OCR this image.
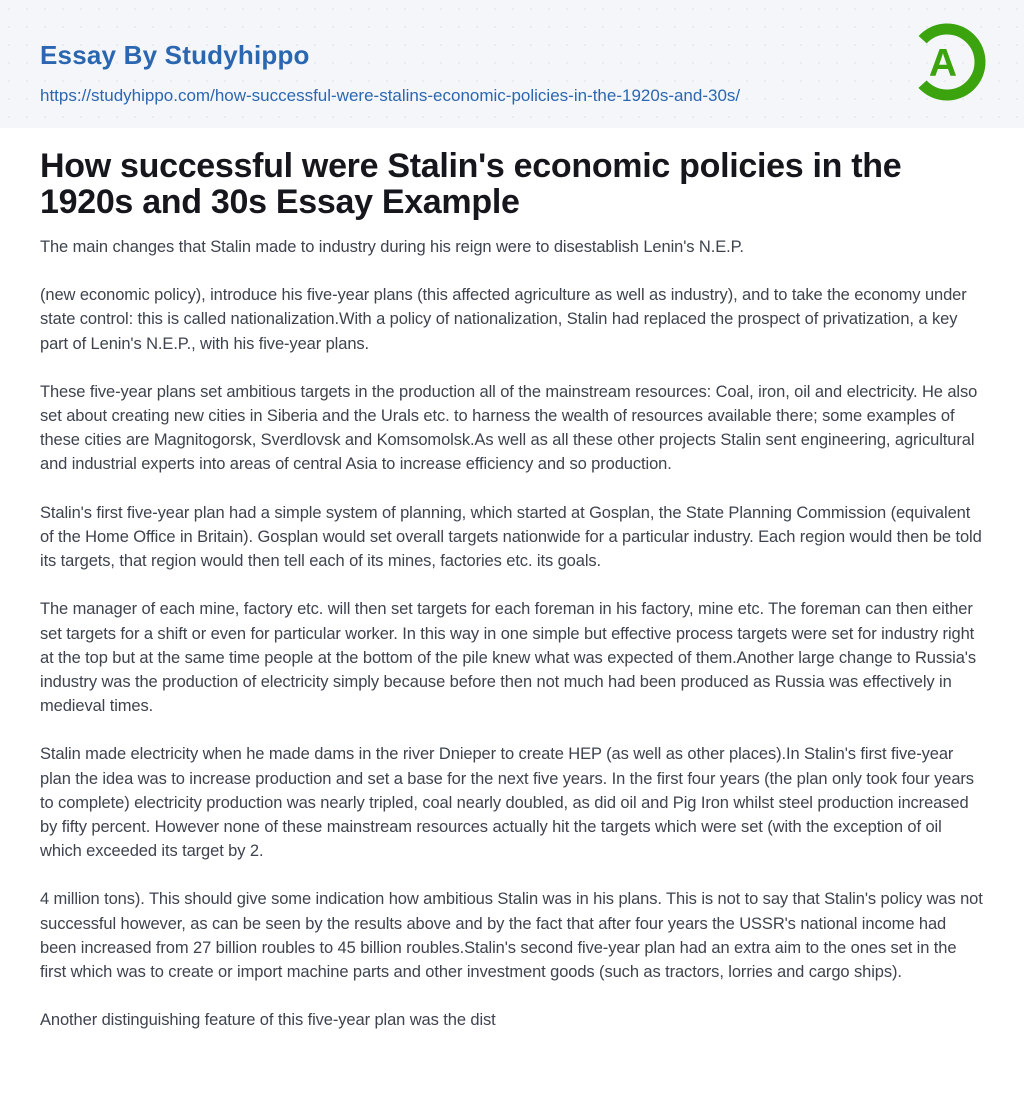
Essay By Studyhippo
https://studyhippo.com/how-successful-were-stalins-economic-policies-in-the-1920s-and-30s/
A
How successful were Stalin's economic policies in the 1920s and 30s Essay Example

The main changes that Stalin made to industry during his reign were to disestablish Lenin's N.E.P.

(new economic policy), introduce his five-year plans (this affected agriculture as well as industry), and to take the economy under state control: this is called nationalization.With a policy of nationalization, Stalin had replaced the prospect of privatization, a key part of Lenin's N.E.P., with his five-year plans.

These five-year plans set ambitious targets in the production all of the mainstream resources: Coal, iron, oil and electricity. He also set about creating new cities in Siberia and the Urals etc. to harness the wealth of resources available there; some examples of these cities are Magnitogorsk, Sverdlovsk and Komsomolsk.As well as all these other projects Stalin sent engineering, agricultural and industrial experts into areas of central Asia to increase efficiency and so production.

Stalin's first five-year plan had a simple system of planning, which started at Gosplan, the State Planning Commission (equivalent of the Home Office in Britain). Gosplan would set overall targets nationwide for a particular industry. Each region would then be told its targets, that region would then tell each of its mines, factories etc. its goals.

The manager of each mine, factory etc. will then set targets for each foreman in his factory, mine etc. The foreman can then either set targets for a shift or even for particular worker. In this way in one simple but effective process targets were set for industry right at the top but at the same time people at the bottom of the pile knew what was expected of them.Another large change to Russia's industry was the production of electricity simply because before then not much had been produced as Russia was effectively in medieval times.

Stalin made electricity when he made dams in the river Dnieper to create HEP (as well as other places).In Stalin's first five-year plan the idea was to increase production and set a base for the next five years. In the first four years (the plan only took four years to complete) electricity production was nearly tripled, coal nearly doubled, as did oil and Pig Iron whilst steel production increased by fifty percent. However none of these mainstream resources actually hit the targets which were set (with the exception of oil which exceeded its target by 2.

4 million tons). This should give some indication how ambitious Stalin was in his plans. This is not to say that Stalin's policy was not successful however, as can be seen by the results above and by the fact that after four years the USSR's national income had been increased from 27 billion roubles to 45 billion roubles.Stalin's second five-year plan had an extra aim to the ones set in the first which was to create or import machine parts and other investment goods (such as tractors, lorries and cargo ships).

Another distinguishing feature of this five-year plan was the dist
